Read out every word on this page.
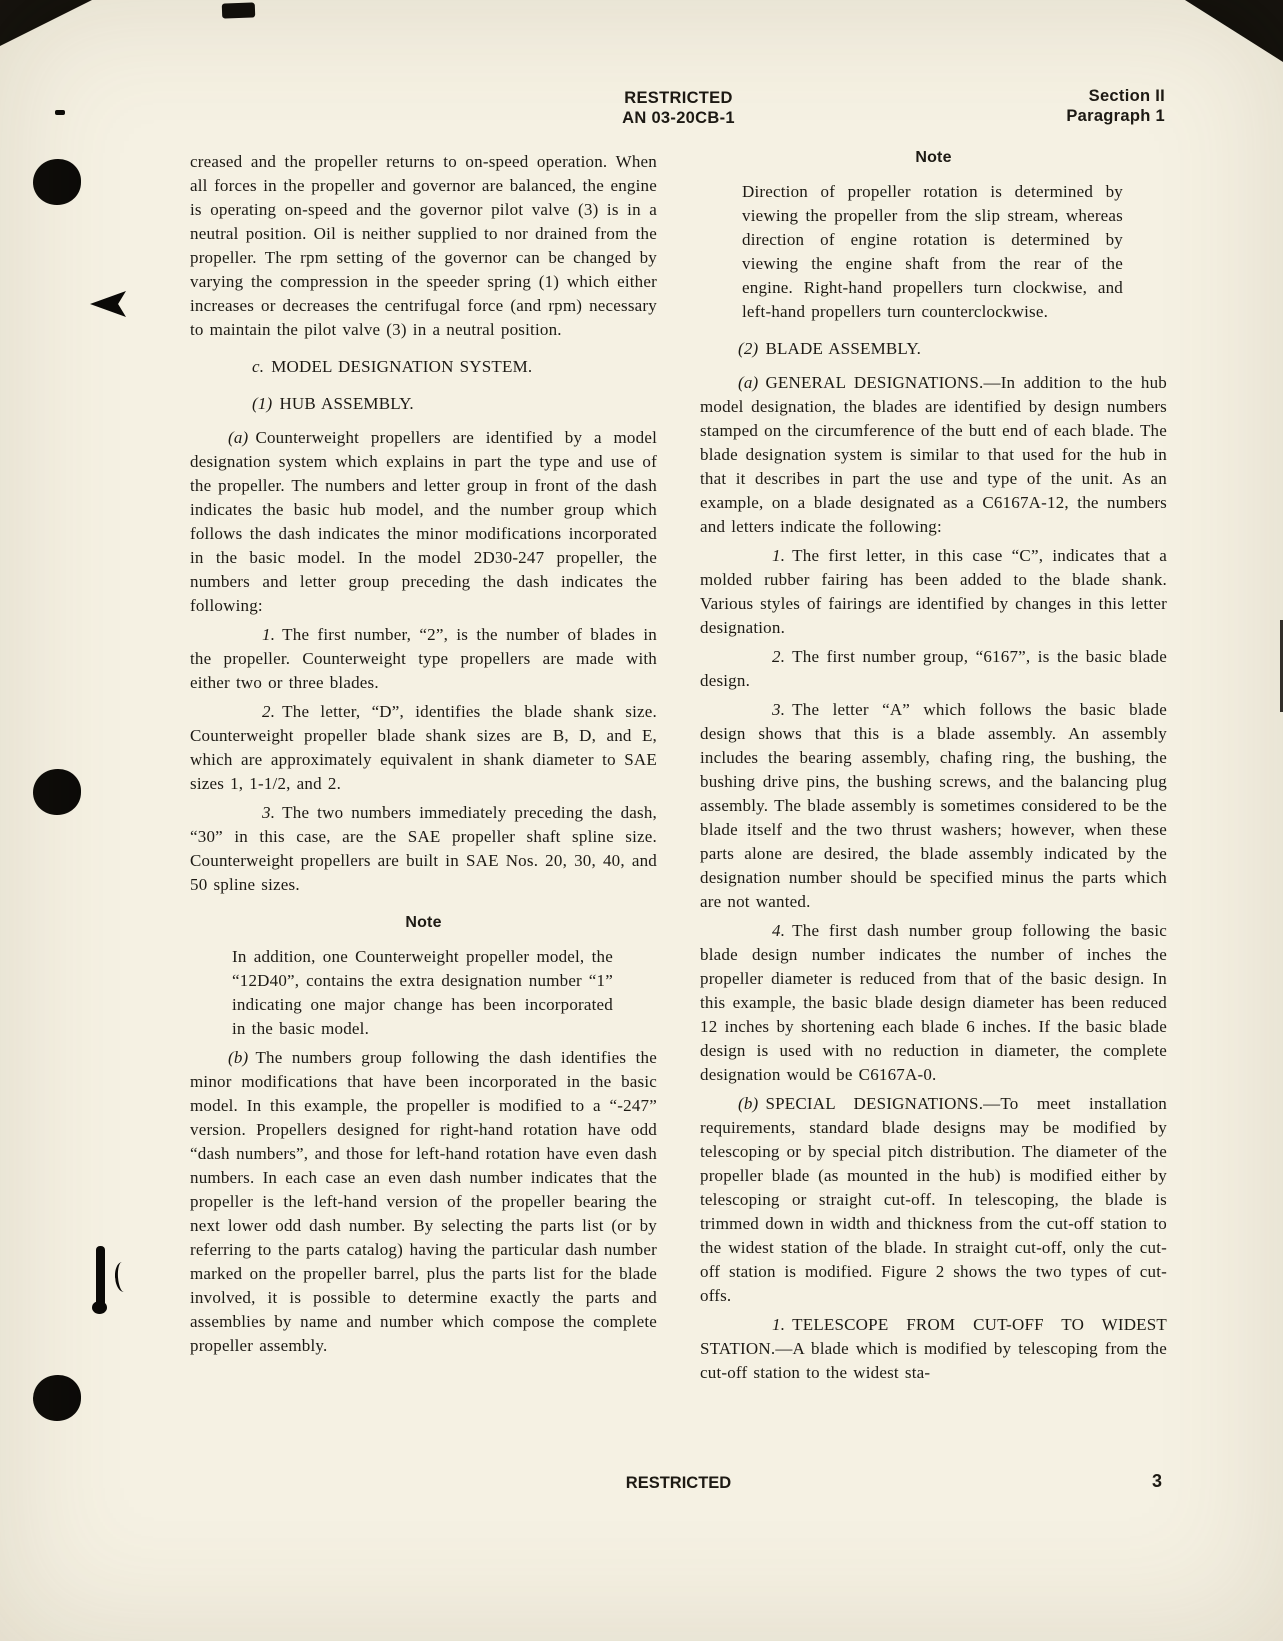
RESTRICTED
AN 03-20CB-1
Section II
Paragraph 1

creased and the propeller returns to on-speed operation. When all forces in the propeller and governor are balanced, the engine is operating on-speed and the governor pilot valve (3) is in a neutral position. Oil is neither supplied to nor drained from the propeller. The rpm setting of the governor can be changed by varying the compression in the speeder spring (1) which either increases or decreases the centrifugal force (and rpm) necessary to maintain the pilot valve (3) in a neutral position.

c. MODEL DESIGNATION SYSTEM.

(1) HUB ASSEMBLY.

(a) Counterweight propellers are identified by a model designation system which explains in part the type and use of the propeller. The numbers and letter group in front of the dash indicates the basic hub model, and the number group which follows the dash indicates the minor modifications incorporated in the basic model. In the model 2D30-247 propeller, the numbers and letter group preceding the dash indicates the following:

1. The first number, “2”, is the number of blades in the propeller. Counterweight type propellers are made with either two or three blades.

2. The letter, “D”, identifies the blade shank size. Counterweight propeller blade shank sizes are B, D, and E, which are approximately equivalent in shank diameter to SAE sizes 1, 1-1/2, and 2.

3. The two numbers immediately preceding the dash, “30” in this case, are the SAE propeller shaft spline size. Counterweight propellers are built in SAE Nos. 20, 30, 40, and 50 spline sizes.

Note

In addition, one Counterweight propeller model, the “12D40”, contains the extra designation number “1” indicating one major change has been incorporated in the basic model.

(b) The numbers group following the dash identifies the minor modifications that have been incorporated in the basic model. In this example, the propeller is modified to a “-247” version. Propellers designed for right-hand rotation have odd “dash numbers”, and those for left-hand rotation have even dash numbers. In each case an even dash number indicates that the propeller is the left-hand version of the propeller bearing the next lower odd dash number. By selecting the parts list (or by referring to the parts catalog) having the particular dash number marked on the propeller barrel, plus the parts list for the blade involved, it is possible to determine exactly the parts and assemblies by name and number which compose the complete propeller assembly.

Note

Direction of propeller rotation is determined by viewing the propeller from the slip stream, whereas direction of engine rotation is determined by viewing the engine shaft from the rear of the engine. Right-hand propellers turn clockwise, and left-hand propellers turn counterclockwise.

(2) BLADE ASSEMBLY.

(a) GENERAL DESIGNATIONS.—In addition to the hub model designation, the blades are identified by design numbers stamped on the circumference of the butt end of each blade. The blade designation system is similar to that used for the hub in that it describes in part the use and type of the unit. As an example, on a blade designated as a C6167A-12, the numbers and letters indicate the following:

1. The first letter, in this case “C”, indicates that a molded rubber fairing has been added to the blade shank. Various styles of fairings are identified by changes in this letter designation.

2. The first number group, “6167”, is the basic blade design.

3. The letter “A” which follows the basic blade design shows that this is a blade assembly. An assembly includes the bearing assembly, chafing ring, the bushing, the bushing drive pins, the bushing screws, and the balancing plug assembly. The blade assembly is sometimes considered to be the blade itself and the two thrust washers; however, when these parts alone are desired, the blade assembly indicated by the designation number should be specified minus the parts which are not wanted.

4. The first dash number group following the basic blade design number indicates the number of inches the propeller diameter is reduced from that of the basic design. In this example, the basic blade design diameter has been reduced 12 inches by shortening each blade 6 inches. If the basic blade design is used with no reduction in diameter, the complete designation would be C6167A-0.

(b) SPECIAL DESIGNATIONS.—To meet installation requirements, standard blade designs may be modified by telescoping or by special pitch distribution. The diameter of the propeller blade (as mounted in the hub) is modified either by telescoping or straight cut-off. In telescoping, the blade is trimmed down in width and thickness from the cut-off station to the widest station of the blade. In straight cut-off, only the cut-off station is modified. Figure 2 shows the two types of cut-offs.

1. TELESCOPE FROM CUT-OFF TO WIDEST STATION.—A blade which is modified by telescoping from the cut-off station to the widest sta-

RESTRICTED	3
